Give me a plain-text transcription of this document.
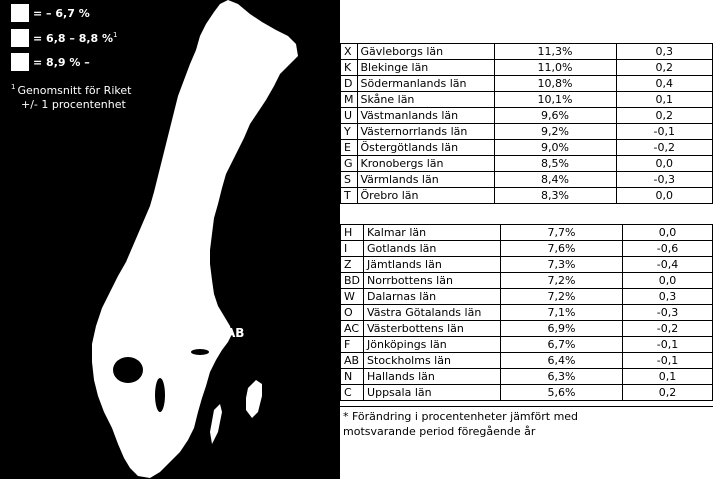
AB
= – 6,7 %
= 6,8 – 8,8 %$^1$
= 8,9 % –
$^1$ Genomsnitt för Riket
+/- 1 procentenhet
X	Gävleborgs län	11,3%	0,3
K	Blekinge län	11,0%	0,2
D	Södermanlands län	10,8%	0,4
M	Skåne län	10,1%	0,1
U	Västmanlands län	9,6%	0,2
Y	Västernorrlands län	9,2%	-0,1
E	Östergötlands län	9,0%	-0,2
G	Kronobergs län	8,5%	0,0
S	Värmlands län	8,4%	-0,3
T	Örebro län	8,3%	0,0
H	Kalmar län	7,7%	0,0
I	Gotlands län	7,6%	-0,6
Z	Jämtlands län	7,3%	-0,4
BD	Norrbottens län	7,2%	0,0
W	Dalarnas län	7,2%	0,3
O	Västra Götalands län	7,1%	-0,3
AC	Västerbottens län	6,9%	-0,2
F	Jönköpings län	6,7%	-0,1
AB	Stockholms län	6,4%	-0,1
N	Hallands län	6,3%	0,1
C	Uppsala län	5,6%	0,2
* Förändring i procentenheter jämfört med
motsvarande period föregående år
